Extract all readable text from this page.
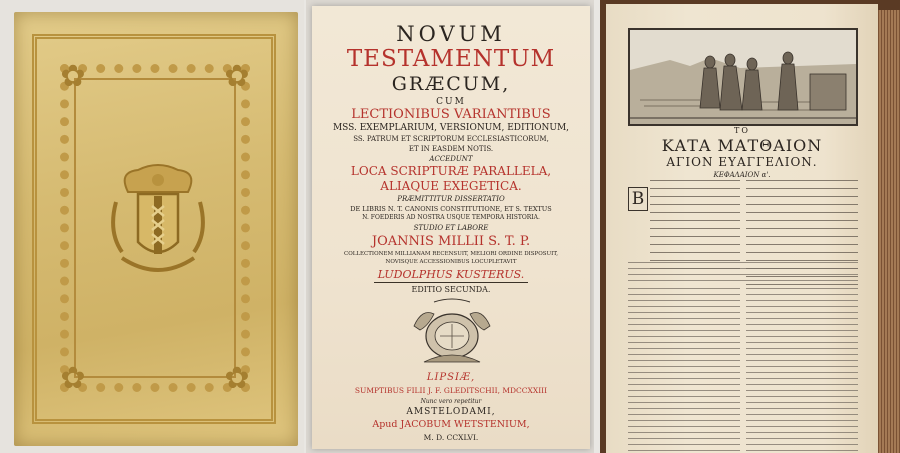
✿	✿
✿	✿
NOVUM
TESTAMENTUM
GRÆCUM,
CUM
LECTIONIBUS VARIANTIBUS
MSS. EXEMPLARIUM, VERSIONUM, EDITIONUM,
SS. PATRUM ET SCRIPTORUM ECCLESIASTICORUM,
ET IN EASDEM NOTIS.
ACCEDUNT
LOCA SCRIPTURÆ PARALLELA,
ALIAQUE EXEGETICA.
PRÆMITTITUR DISSERTATIO
DE LIBRIS N. T. CANONIS CONSTITUTIONE, ET S. TEXTUS
N. FOEDERIS AD NOSTRA USQUE TEMPORA HISTORIA.
STUDIO ET LABORE
JOANNIS MILLII S. T. P.
COLLECTIONEM MILLIANAM RECENSUIT, MELIORI ORDINE DISPOSUIT,
NOVISQUE ACCESSIONIBUS LOCUPLETAVIT
LUDOLPHUS KUSTERUS.
EDITIO SECUNDA.
LIPSIÆ,
SUMPTIBUS FILII J. F. GLEDITSCHII, MDCCXXIII
Nunc vero repetitur
AMSTELODAMI,
Apud JACOBUM WETSTENIUM,
M. D. CCXLVI.
ΤΟ
ΚΑΤΑ ΜΑΤΘΑΙΟΝ
ΑΓΙΟΝ ΕΥΑΓΓΕΛΙΟΝ.
ΚΕΦΑΛΑΙΟΝ α'.
Β
